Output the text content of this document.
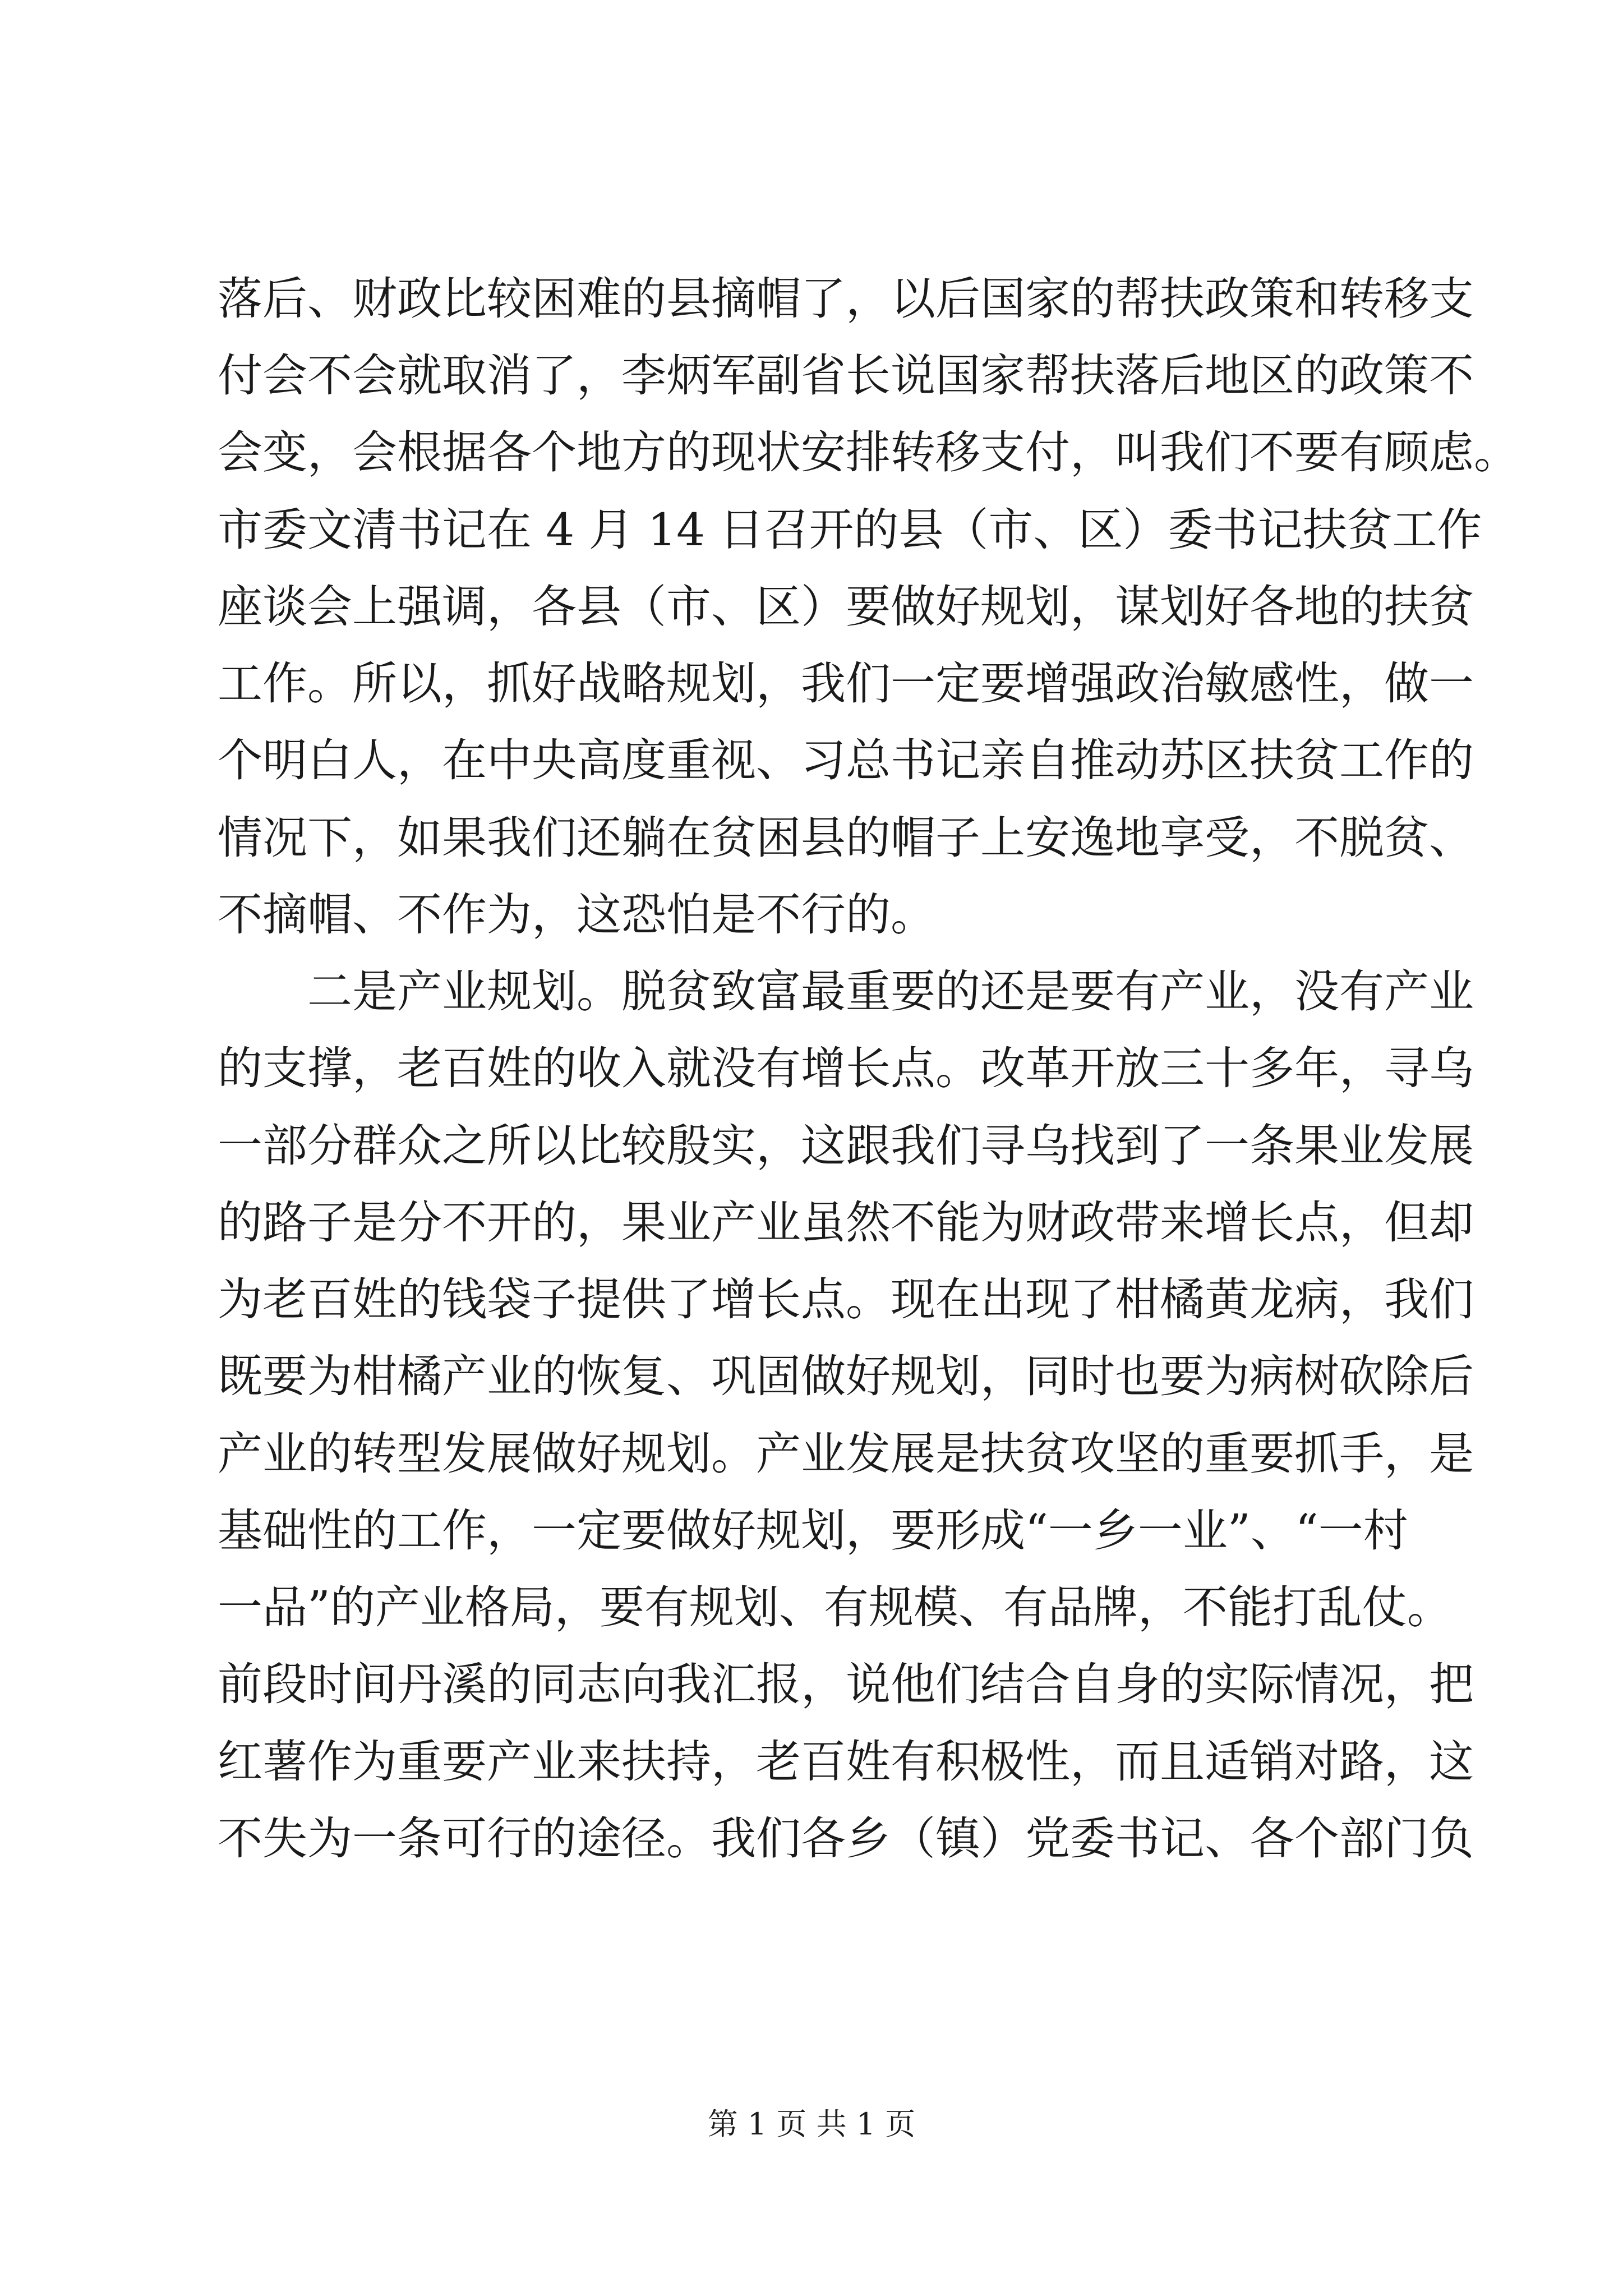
落后、财政比较困难的县摘帽了，以后国家的帮扶政策和转移支
付会不会就取消了，李炳军副省长说国家帮扶落后地区的政策不
会变，会根据各个地方的现状安排转移支付，叫我们不要有顾虑。
市委文清书记在 4 月 14 日召开的县（市、区）委书记扶贫工作
座谈会上强调，各县（市、区）要做好规划，谋划好各地的扶贫
工作。所以，抓好战略规划，我们一定要增强政治敏感性，做一
个明白人，在中央高度重视、习总书记亲自推动苏区扶贫工作的
情况下，如果我们还躺在贫困县的帽子上安逸地享受，不脱贫、
不摘帽、不作为，这恐怕是不行的。
　　二是产业规划。脱贫致富最重要的还是要有产业，没有产业
的支撑，老百姓的收入就没有增长点。改革开放三十多年，寻乌
一部分群众之所以比较殷实，这跟我们寻乌找到了一条果业发展
的路子是分不开的，果业产业虽然不能为财政带来增长点，但却
为老百姓的钱袋子提供了增长点。现在出现了柑橘黄龙病，我们
既要为柑橘产业的恢复、巩固做好规划，同时也要为病树砍除后
产业的转型发展做好规划。产业发展是扶贫攻坚的重要抓手，是
基础性的工作，一定要做好规划，要形成“一乡一业”、“一村
一品”的产业格局，要有规划、有规模、有品牌，不能打乱仗。
前段时间丹溪的同志向我汇报，说他们结合自身的实际情况，把
红薯作为重要产业来扶持，老百姓有积极性，而且适销对路，这
不失为一条可行的途径。我们各乡（镇）党委书记、各个部门负
第 1 页 共 1 页
